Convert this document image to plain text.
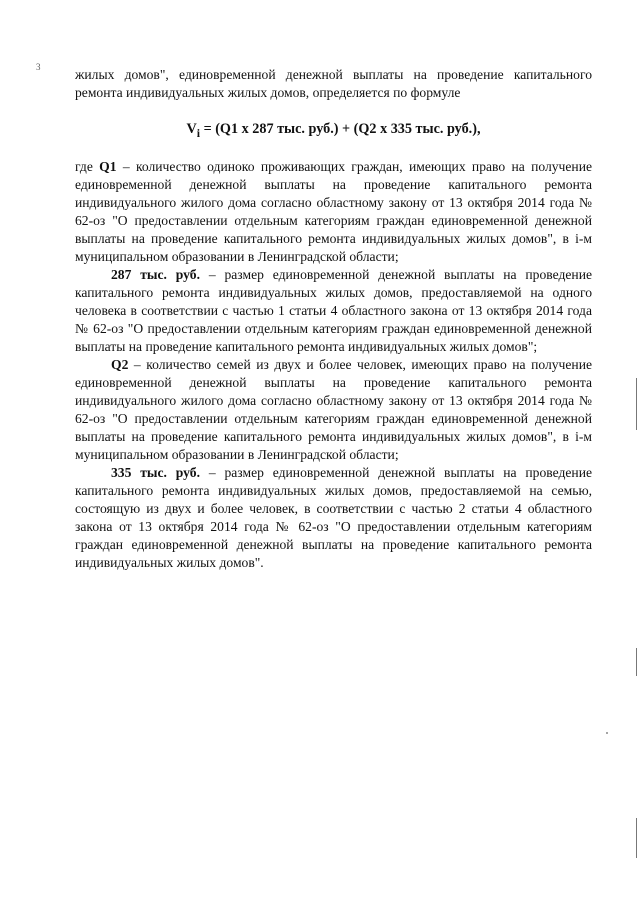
3	жилых домов", единовременной денежной выплаты на проведение капитального ремонта индивидуальных жилых домов, определяется по формуле

$V_i = (Q1$ х 287 тыс. руб.) + (Q2 х 335 тыс. руб.),

где Q1 – количество одиноко проживающих граждан, имеющих право на получение единовременной денежной выплаты на проведение капитального ремонта индивидуального жилого дома согласно областному закону от 13 октября 2014 года № 62-оз "О предоставлении отдельным категориям граждан единовременной денежной выплаты на проведение капитального ремонта индивидуальных жилых домов", в i-м муниципальном образовании в Ленинградской области;

287 тыс. руб. – размер единовременной денежной выплаты на проведение капитального ремонта индивидуальных жилых домов, предоставляемой на одного человека в соответствии с частью 1 статьи 4 областного закона от 13 октября 2014 года № 62-оз "О предоставлении отдельным категориям граждан единовременной денежной выплаты на проведение капитального ремонта индивидуальных жилых домов";

Q2 – количество семей из двух и более человек, имеющих право на получение единовременной денежной выплаты на проведение капитального ремонта индивидуального жилого дома согласно областному закону от 13 октября 2014 года № 62-оз "О предоставлении отдельным категориям граждан единовременной денежной выплаты на проведение капитального ремонта индивидуальных жилых домов", в i-м муниципальном образовании в Ленинградской области;

335 тыс. руб. – размер единовременной денежной выплаты на проведение капитального ремонта индивидуальных жилых домов, предоставляемой на семью, состоящую из двух и более человек, в соответствии с частью 2 статьи 4 областного закона от 13 октября 2014 года № 62-оз "О предоставлении отдельным категориям граждан единовременной денежной выплаты на проведение капитального ремонта индивидуальных жилых домов".
